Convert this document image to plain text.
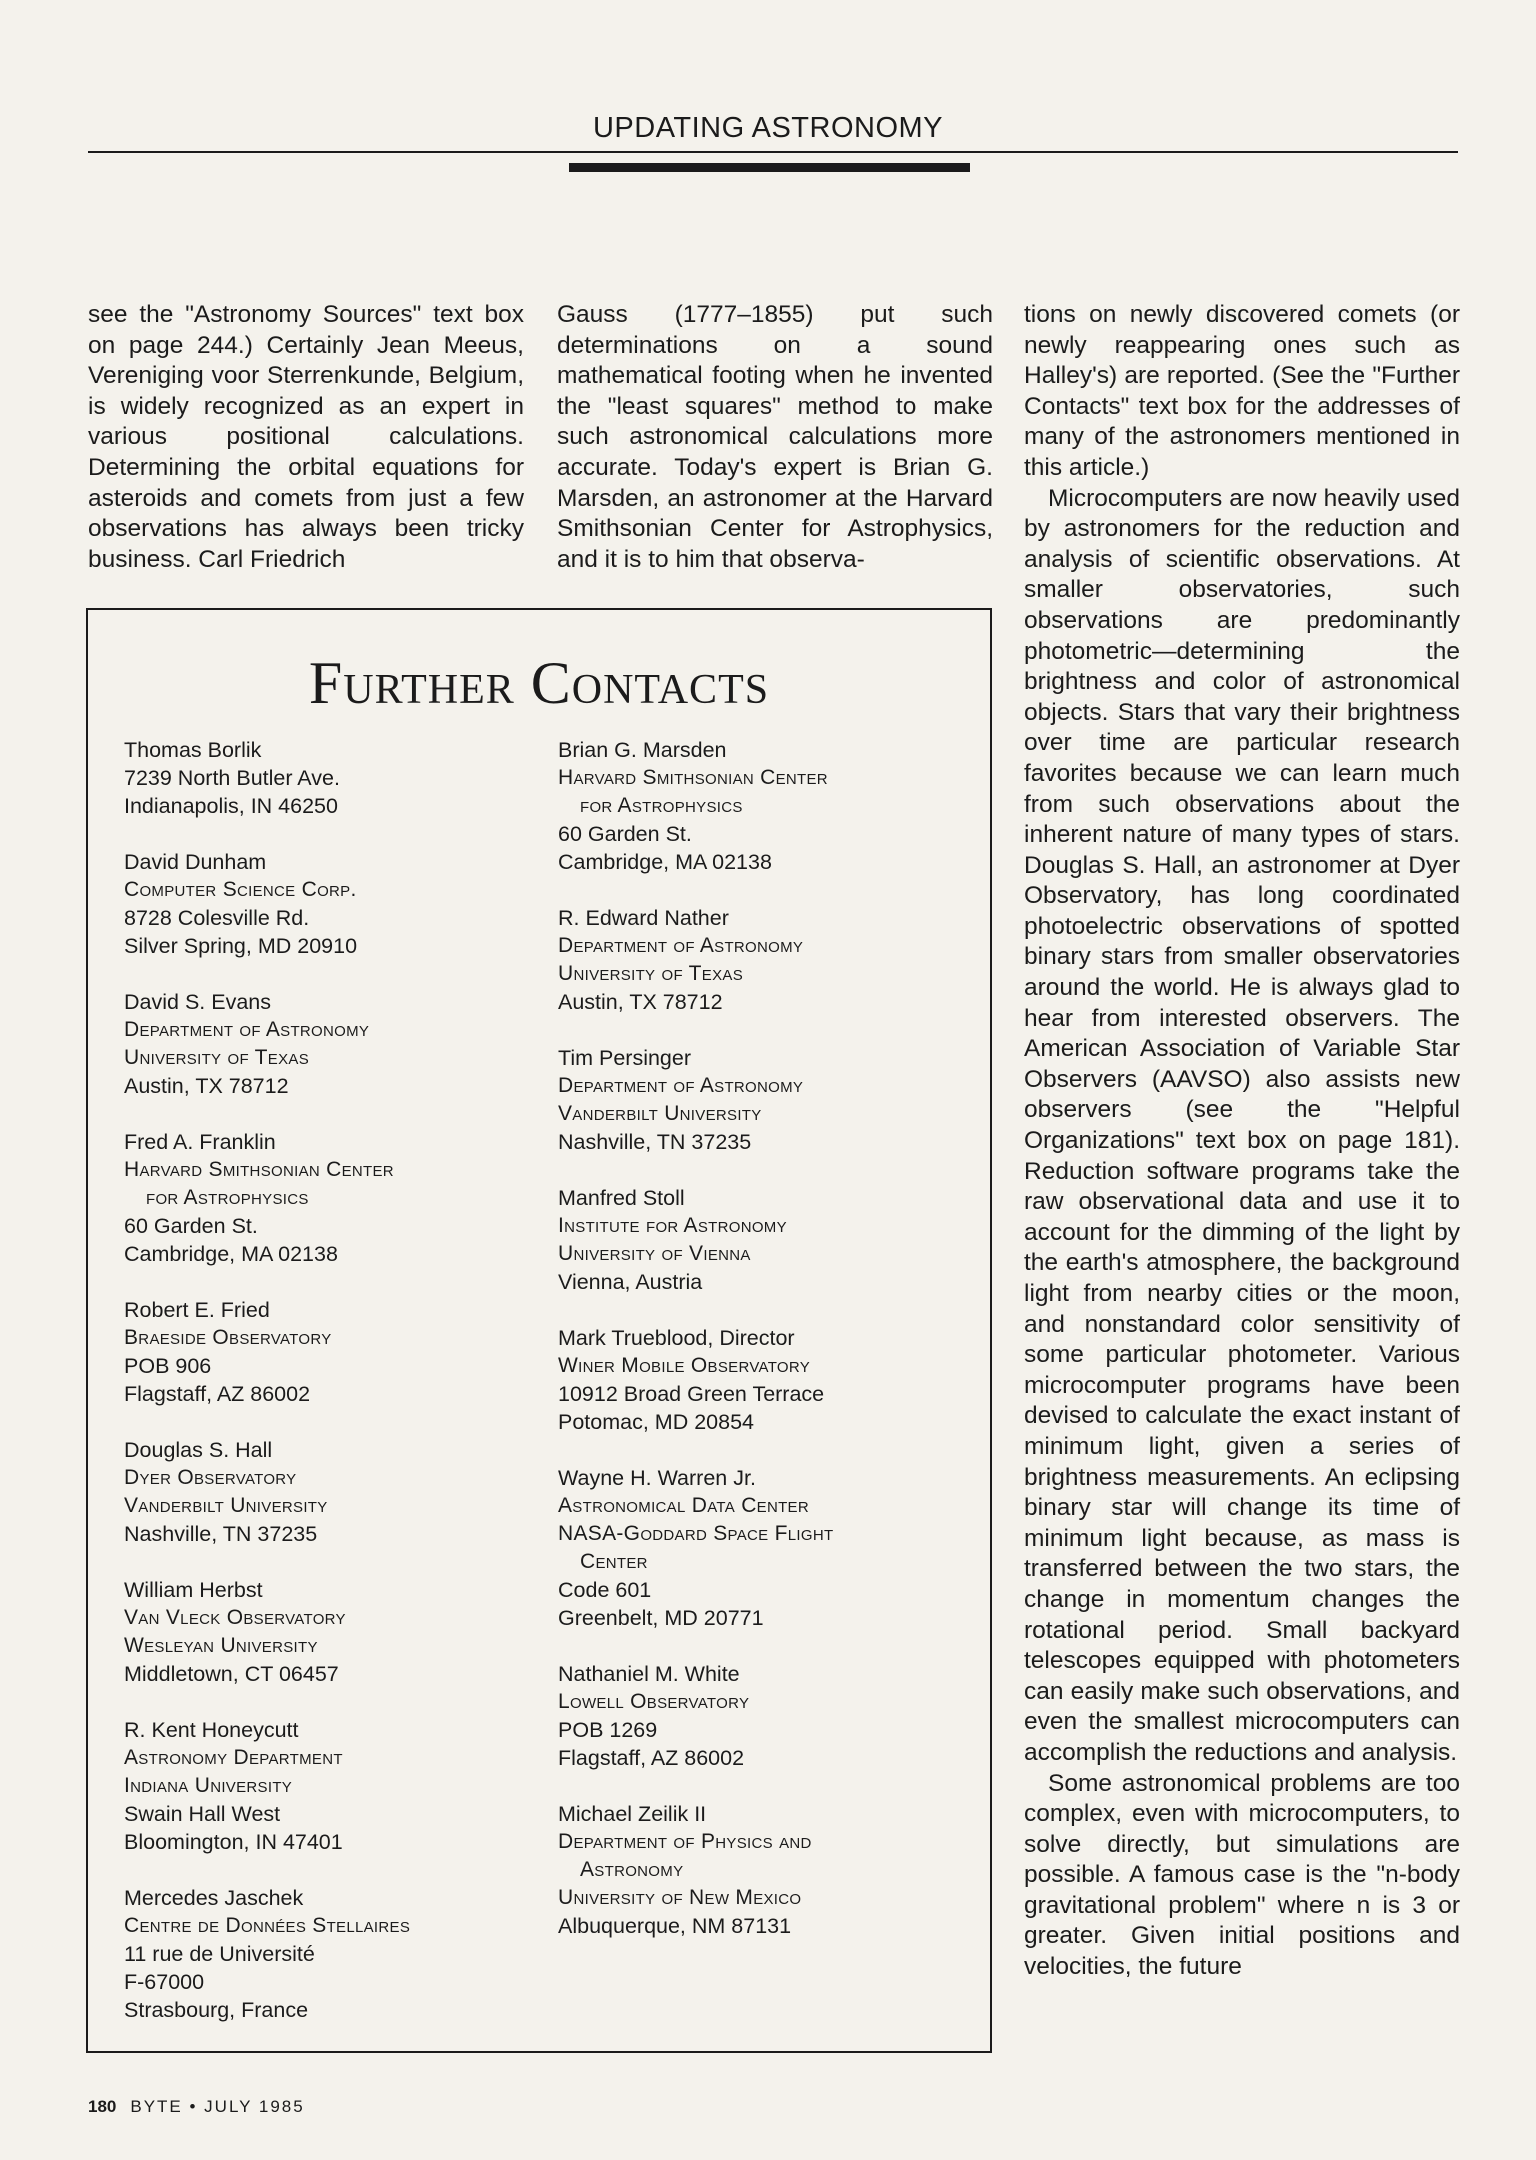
UPDATING ASTRONOMY

see the "Astronomy Sources" text box on page 244.) Certainly Jean Meeus, Vereniging voor Sterrenkunde, Belgium, is widely recognized as an expert in various positional calculations. Determining the orbital equations for asteroids and comets from just a few observations has always been tricky business. Carl Friedrich

Gauss (1777–1855) put such determinations on a sound mathematical footing when he invented the "least squares" method to make such astronomical calculations more accurate. Today's expert is Brian G. Marsden, an astronomer at the Harvard Smithsonian Center for Astrophysics, and it is to him that observa-

tions on newly discovered comets (or newly reappearing ones such as Halley's) are reported. (See the "Further Contacts" text box for the addresses of many of the astronomers mentioned in this article.)

Microcomputers are now heavily used by astronomers for the reduction and analysis of scientific observations. At smaller observatories, such observations are predominantly photometric—determining the brightness and color of astronomical objects. Stars that vary their brightness over time are particular research favorites because we can learn much from such observations about the inherent nature of many types of stars. Douglas S. Hall, an astronomer at Dyer Observatory, has long coordinated photoelectric observations of spotted binary stars from smaller observatories around the world. He is always glad to hear from interested observers. The American Association of Variable Star Observers (AAVSO) also assists new observers (see the "Helpful Organizations" text box on page 181). Reduction software programs take the raw observational data and use it to account for the dimming of the light by the earth's atmosphere, the background light from nearby cities or the moon, and nonstandard color sensitivity of some particular photometer. Various microcomputer programs have been devised to calculate the exact instant of minimum light, given a series of brightness measurements. An eclipsing binary star will change its time of minimum light because, as mass is transferred between the two stars, the change in momentum changes the rotational period. Small backyard telescopes equipped with photometers can easily make such observations, and even the smallest microcomputers can accomplish the reductions and analysis.

Some astronomical problems are too complex, even with microcomputers, to solve directly, but simulations are possible. A famous case is the "n-body gravitational problem" where n is 3 or greater. Given initial positions and velocities, the future

Further Contacts
Thomas Borlik
7239 North Butler Ave.
Indianapolis, IN 46250
David Dunham
Computer Science Corp.
8728 Colesville Rd.
Silver Spring, MD 20910
David S. Evans
Department of Astronomy
University of Texas
Austin, TX 78712
Fred A. Franklin
Harvard Smithsonian Center
for Astrophysics
60 Garden St.
Cambridge, MA 02138
Robert E. Fried
Braeside Observatory
POB 906
Flagstaff, AZ 86002
Douglas S. Hall
Dyer Observatory
Vanderbilt University
Nashville, TN 37235
William Herbst
Van Vleck Observatory
Wesleyan University
Middletown, CT 06457
R. Kent Honeycutt
Astronomy Department
Indiana University
Swain Hall West
Bloomington, IN 47401
Mercedes Jaschek
Centre de Données Stellaires
11 rue de Université
F-67000
Strasbourg, France
Brian G. Marsden
Harvard Smithsonian Center
for Astrophysics
60 Garden St.
Cambridge, MA 02138
R. Edward Nather
Department of Astronomy
University of Texas
Austin, TX 78712
Tim Persinger
Department of Astronomy
Vanderbilt University
Nashville, TN 37235
Manfred Stoll
Institute for Astronomy
University of Vienna
Vienna, Austria
Mark Trueblood, Director
Winer Mobile Observatory
10912 Broad Green Terrace
Potomac, MD 20854
Wayne H. Warren Jr.
Astronomical Data Center
NASA-Goddard Space Flight
Center
Code 601
Greenbelt, MD 20771
Nathaniel M. White
Lowell Observatory
POB 1269
Flagstaff, AZ 86002
Michael Zeilik II
Department of Physics and
Astronomy
University of New Mexico
Albuquerque, NM 87131
180 BYTE • JULY 1985
